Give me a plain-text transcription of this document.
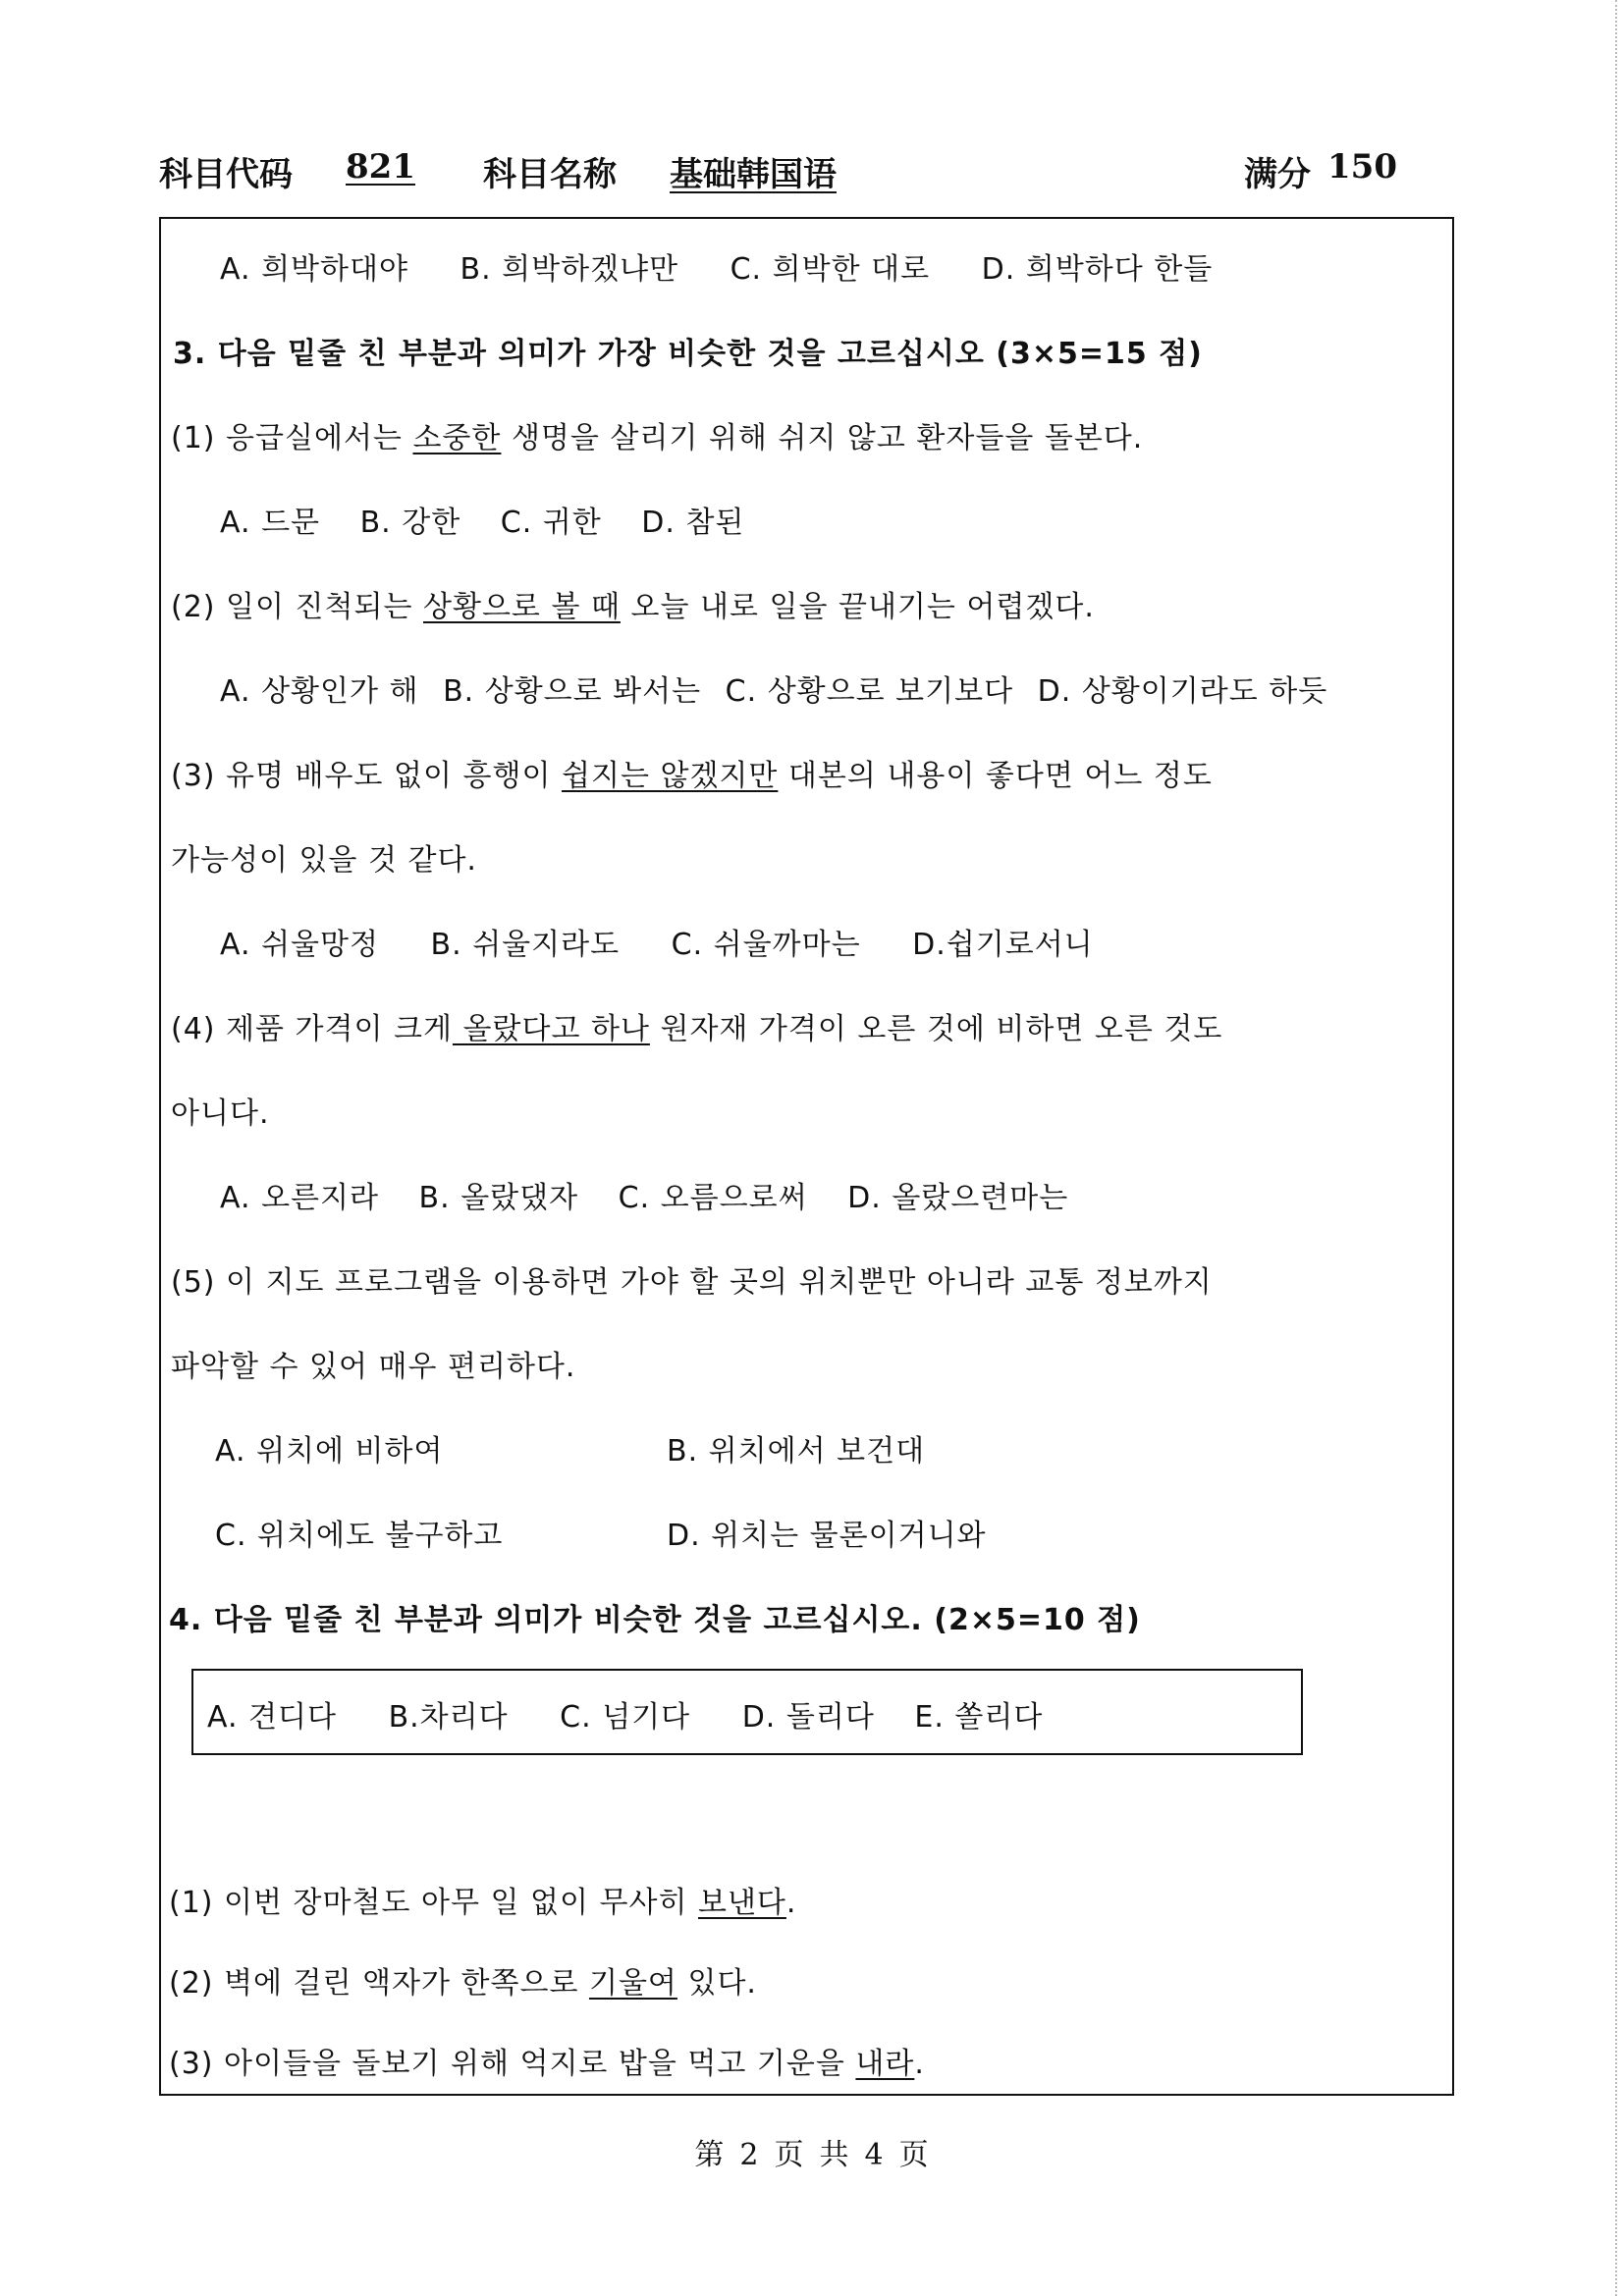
科目代码 821 科目名称 基础韩国语	满分 150
A. 희박하대야 B. 희박하겠냐만 C. 희박한 대로 D. 희박하다 한들
3. 다음 밑줄 친 부분과 의미가 가장 비슷한 것을 고르십시오 (3×5=15 점)
(1) 응급실에서는 소중한 생명을 살리기 위해 쉬지 않고 환자들을 돌본다.
A. 드문 B. 강한 C. 귀한 D. 참된
(2) 일이 진척되는 상황으로 볼 때 오늘 내로 일을 끝내기는 어렵겠다.
A. 상황인가 해 B. 상황으로 봐서는 C. 상황으로 보기보다 D. 상황이기라도 하듯
(3) 유명 배우도 없이 흥행이 쉽지는 않겠지만 대본의 내용이 좋다면 어느 정도
가능성이 있을 것 같다.
A. 쉬울망정 B. 쉬울지라도 C. 쉬울까마는 D.쉽기로서니
(4) 제품 가격이 크게 올랐다고 하나 원자재 가격이 오른 것에 비하면 오른 것도
아니다.
A. 오른지라 B. 올랐댔자 C. 오름으로써 D. 올랐으련마는
(5) 이 지도 프로그램을 이용하면 가야 할 곳의 위치뿐만 아니라 교통 정보까지
파악할 수 있어 매우 편리하다.
A. 위치에 비하여	B. 위치에서 보건대
C. 위치에도 불구하고	D. 위치는 물론이거니와
4. 다음 밑줄 친 부분과 의미가 비슷한 것을 고르십시오. (2×5=10 점)
(1) 이번 장마철도 아무 일 없이 무사히 보낸다.
(2) 벽에 걸린 액자가 한쪽으로 기울여 있다.
(3) 아이들을 돌보기 위해 억지로 밥을 먹고 기운을 내라.
A. 견디다 B.차리다 C. 넘기다 D. 돌리다 E. 쏠리다
第 2 页 共 4 页
